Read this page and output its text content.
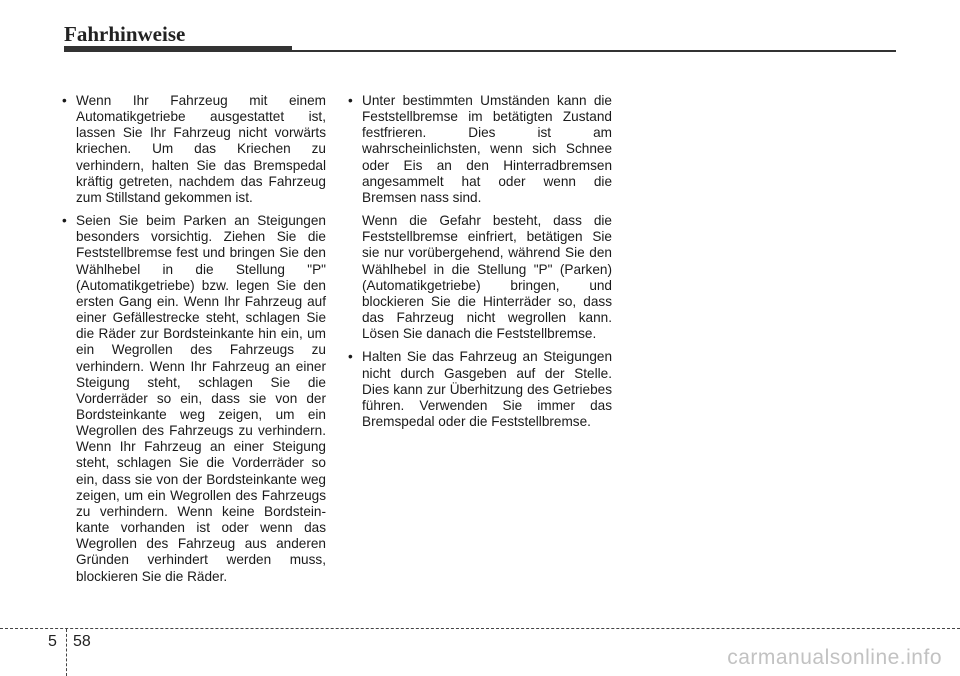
Fahrhinweise

• Wenn Ihr Fahrzeug mit einem Automatikgetriebe ausgestattet ist, lassen Sie Ihr Fahrzeug nicht vorwärts kriechen. Um das Kriechen zu verhindern, halten Sie das Bremspedal kräftig getreten, nachdem das Fahrzeug zum Stillstand gekommen ist.

• Seien Sie beim Parken an Steigungen besonders vorsichtig. Ziehen Sie die Feststellbremse fest und bringen Sie den Wählhebel in die Stellung "P" (Automatikgetriebe) bzw. legen Sie den ersten Gang ein. Wenn Ihr Fahrzeug auf einer Gefällestrecke steht, schlagen Sie die Räder zur Bordsteinkante hin ein, um ein Wegrollen des Fahrzeugs zu verhindern. Wenn Ihr Fahrzeug an einer Steigung steht, schlagen Sie die Vorderräder so ein, dass sie von der Bordsteinkante weg zeigen, um ein Wegrollen des Fahrzeugs zu verhindern. Wenn Ihr Fahrzeug an einer Steigung steht, schlagen Sie die Vorderräder so ein, dass sie von der Bordsteinkante weg zeigen, um ein Wegrollen des Fahrzeugs zu verhindern. Wenn keine Bordstein-kante vorhanden ist oder wenn das Wegrollen des Fahrzeug aus anderen Gründen verhindert werden muss, blockieren Sie die Räder.

• Unter bestimmten Umständen kann die Feststellbremse im betätigten Zustand festfrieren. Dies ist am wahrscheinlichsten, wenn sich Schnee oder Eis an den Hinterradbremsen angesammelt hat oder wenn die Bremsen nass sind.

Wenn die Gefahr besteht, dass die Feststellbremse einfriert, betätigen Sie sie nur vorübergehend, während Sie den Wählhebel in die Stellung "P" (Parken) (Automatikgetriebe) bringen, und blockieren Sie die Hinterräder so, dass das Fahrzeug nicht wegrollen kann. Lösen Sie danach die Feststellbremse.

• Halten Sie das Fahrzeug an Steigungen nicht durch Gasgeben auf der Stelle. Dies kann zur Überhitzung des Getriebes führen. Verwenden Sie immer das Bremspedal oder die Feststellbremse.

5 58
carmanualsonline.info
